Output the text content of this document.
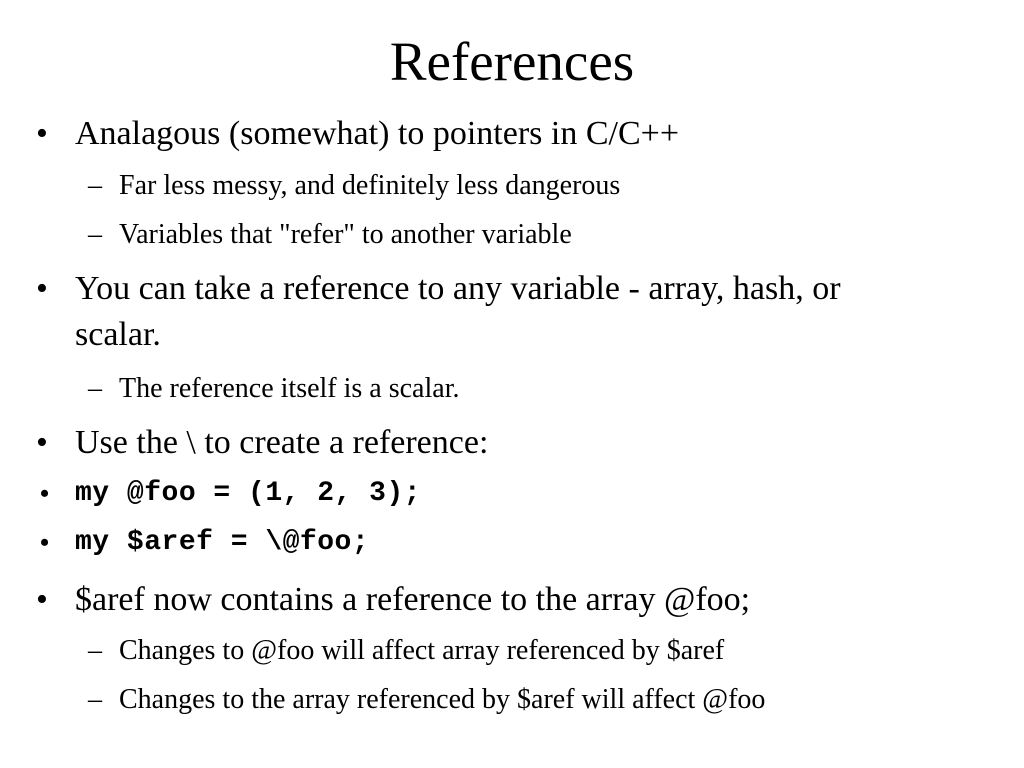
References
• Analagous (somewhat) to pointers in C/C++
– Far less messy, and definitely less dangerous
– Variables that "refer" to another variable
• You can take a reference to any variable - array, hash, or
scalar.
– The reference itself is a scalar.
• Use the \ to create a reference:
• my @foo = (1, 2, 3);
• my $aref = \@foo;
• $aref now contains a reference to the array @foo;
– Changes to @foo will affect array referenced by $aref
– Changes to the array referenced by $aref will affect @foo
